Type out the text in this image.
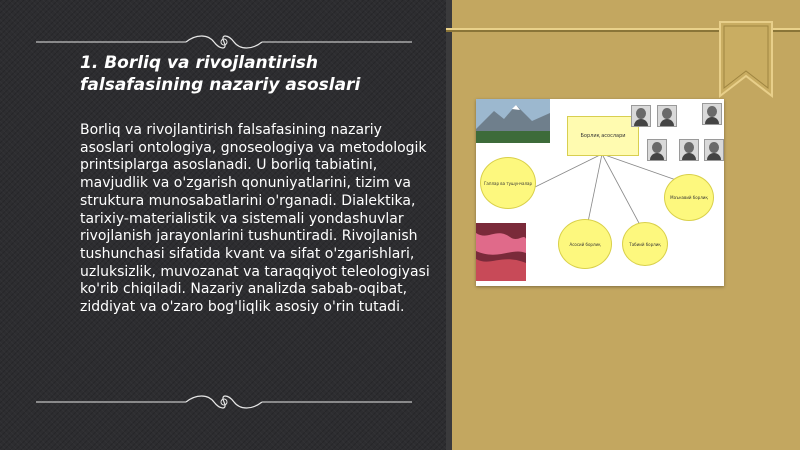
1. Borliq va rivojlantirish falsafasining nazariy asoslari
Borliq va rivojlantirish falsafasining nazariy asoslari ontologiya, gnoseologiya va metodologik printsiplarga asoslanadi. U borliq tabiatini, mavjudlik va o'zgarish qonuniyatlarini, tizim va struktura munosabatlarini o'rganadi. Dialektika, tarixiy-materialistik va sistemali yondashuvlar rivojlanish jarayonlarini tushuntiradi. Rivojlanish tushunchasi sifatida kvant va sifat o'zgarishlari, uzluksizlik, muvozanat va taraqqiyot teleologiyasi ko'rib chiqiladi. Nazariy analizda sabab-oqibat, ziddiyat va o'zaro bog'liqlik asosiy o'rin tutadi.
Борлиқ асослари
Гаплар ва тушунчалар
Асосий борлиқ	Табиий борлиқ
Маънавий борлиқ
